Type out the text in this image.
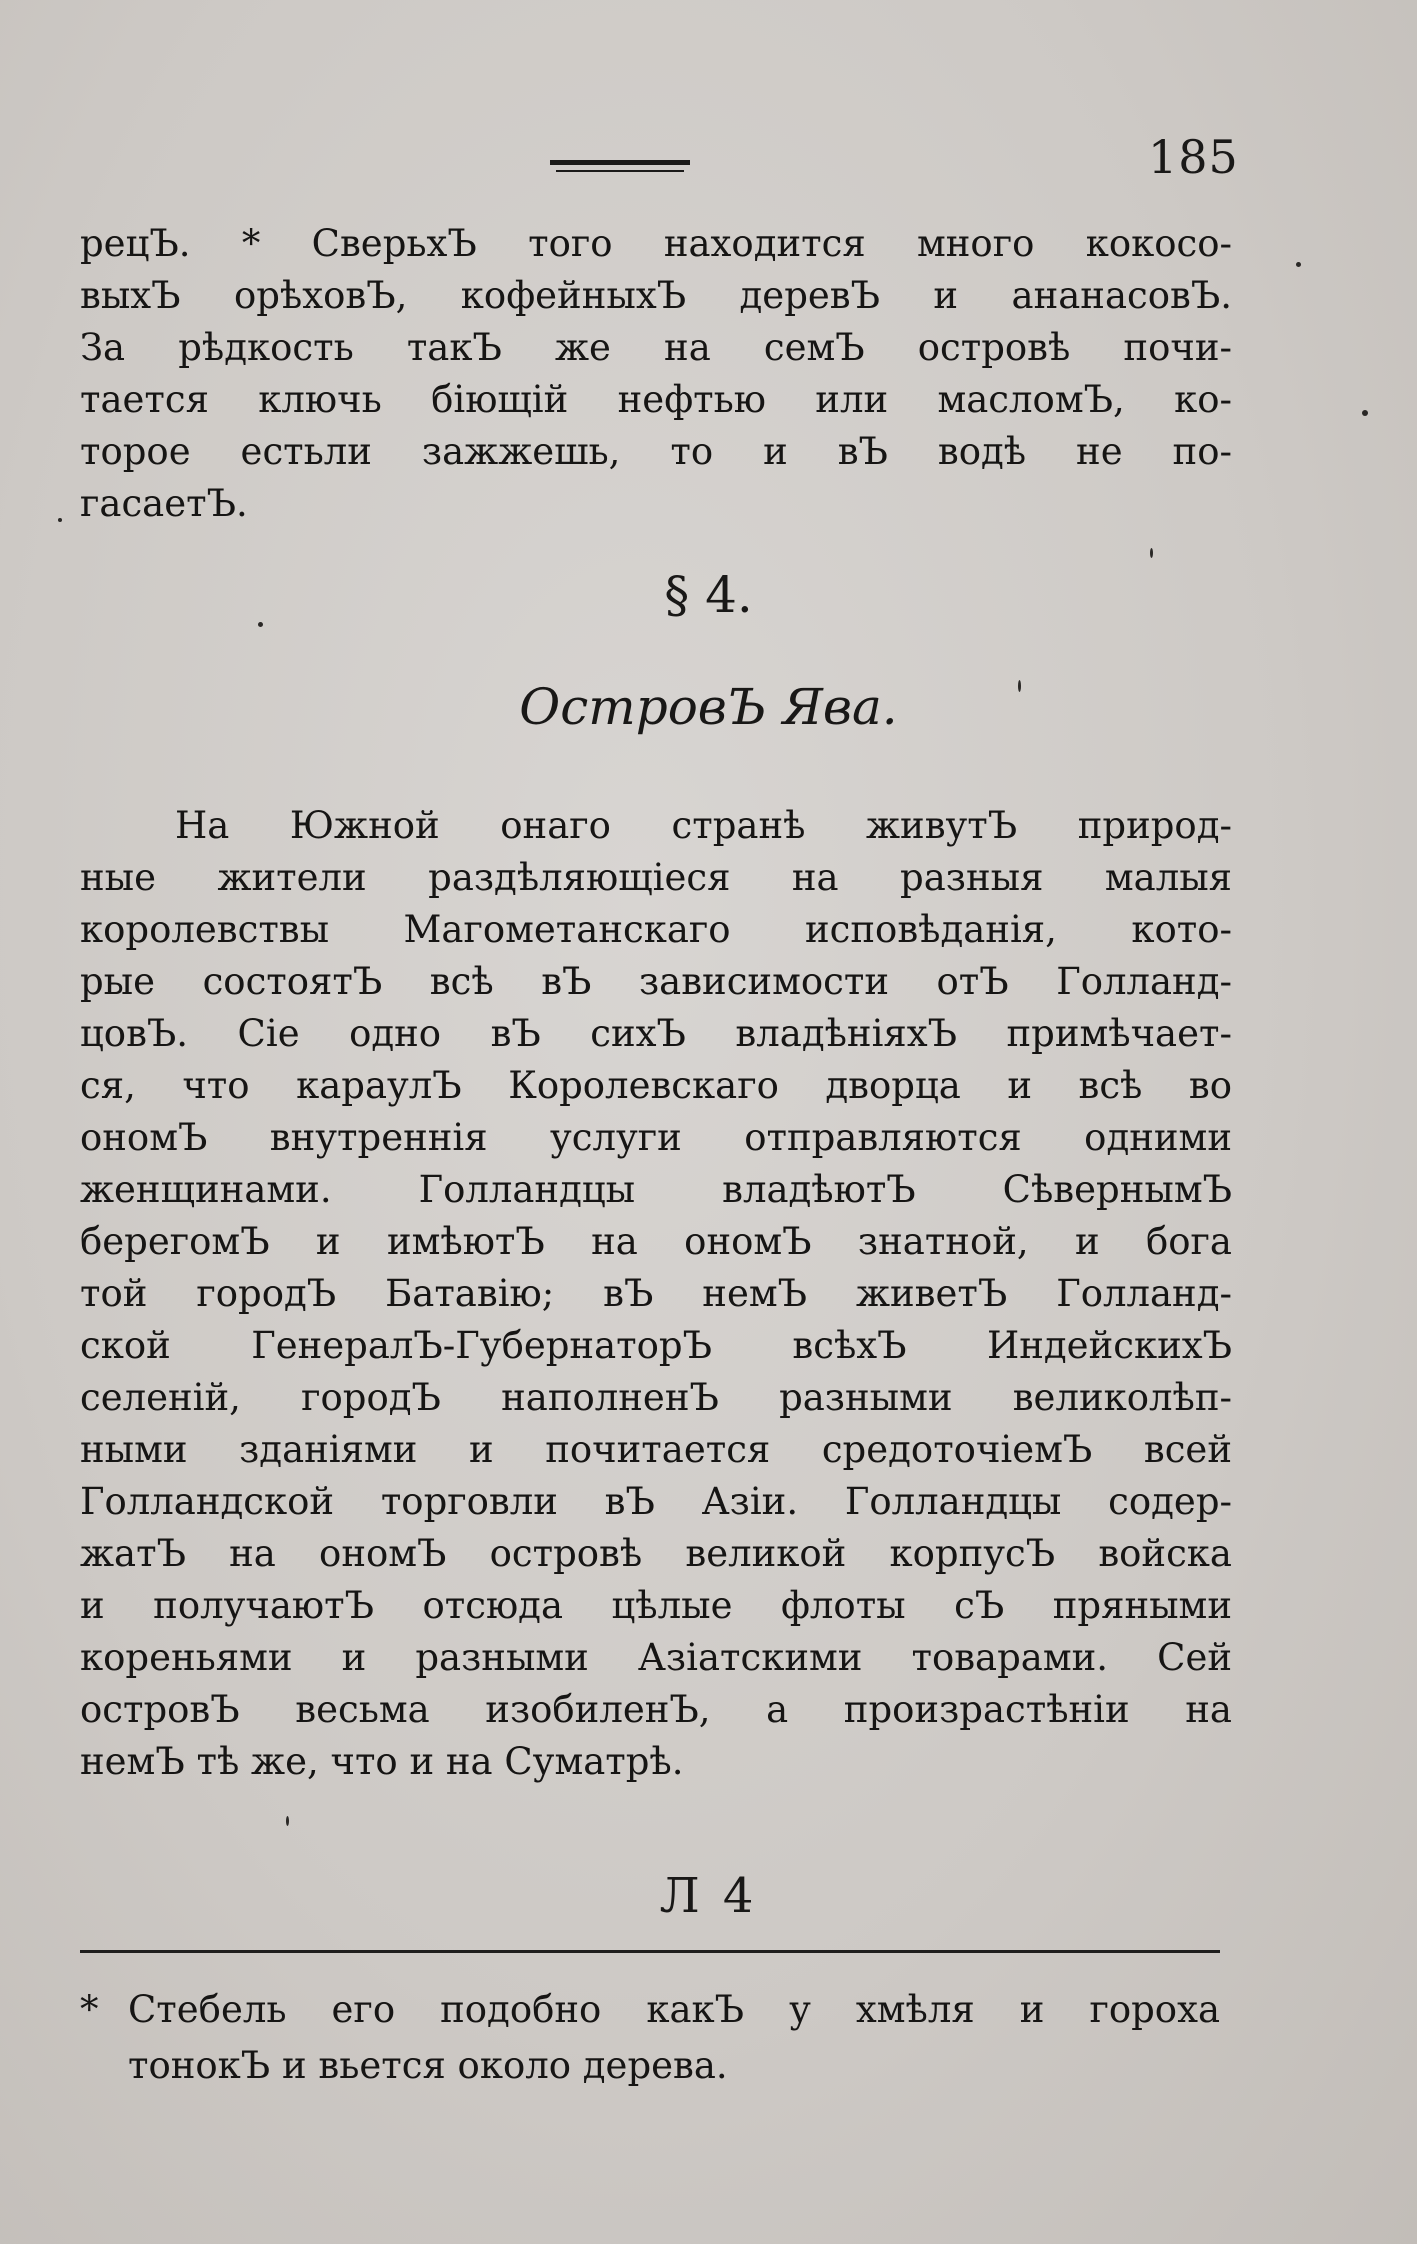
185
рецЪ. * СверьхЪ того находится много кокосо-
выхЪ орѣховЪ, кофейныхЪ деревЪ и ананасовЪ.
За рѣдкость такЪ же на семЪ островѣ почи-
тается ключь біющій нефтью или масломЪ, ко-
торое естьли зажжешь, то и вЪ водѣ не по-
гасаетЪ.
§ 4.
ОстровЪ Ява.
На Южной онаго странѣ живутЪ природ-
ные жители раздѣляющіеся на разныя малыя
королевствы Магометанскаго исповѣданія, кото-
рые состоятЪ всѣ вЪ зависимости отЪ Голланд-
цовЪ. Сіе одно вЪ сихЪ владѣніяхЪ примѣчает-
ся, что карaулЪ Королевскаго дворца и всѣ во
ономЪ внутреннія услуги отправляются одними
женщинами. Голландцы владѣютЪ СѣвернымЪ
берегомЪ и имѣютЪ на ономЪ знатной, и бога
той городЪ Батавію; вЪ немЪ живетЪ Голланд-
ской ГенералЪ-ГубернаторЪ всѣхЪ ИндейскихЪ
селеній, городЪ наполненЪ разными великолѣп-
ными зданіями и почитается средоточіемЪ всей
Голландской торговли вЪ Азіи. Голландцы содер-
жатЪ на ономЪ островѣ великой корпусЪ войска
и получаютЪ отсюда цѣлые флоты сЪ пряными
кореньями и разными Азіатскими товарами. Сей
островЪ весьма изобиленЪ, а произрастѣніи на
немЪ тѣ же, что и на Суматрѣ.
Л 4
* Стебель его подобно какЪ у хмѣля и гороха
тонокЪ и вьется около дерева.
